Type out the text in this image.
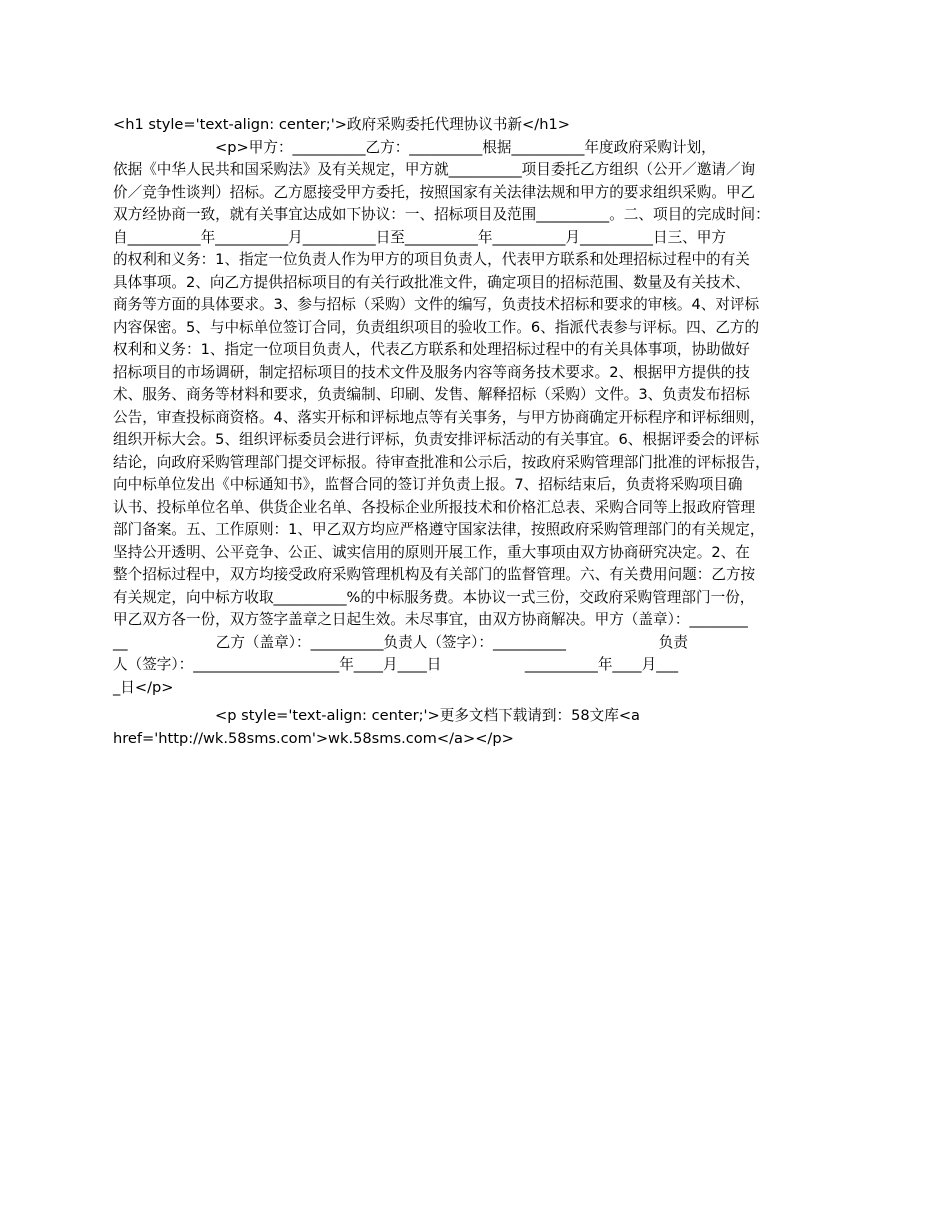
<h1 style='text-align: center;'>政府采购委托代理协议书新</h1>
<p>甲方：__________乙方：__________根据__________年度政府采购计划，
依据《中华人民共和国采购法》及有关规定，甲方就__________项目委托乙方组织（公开／邀请／询
价／竞争性谈判）招标。乙方愿接受甲方委托，按照国家有关法律法规和甲方的要求组织采购。甲乙
双方经协商一致，就有关事宜达成如下协议：一、招标项目及范围__________。二、项目的完成时间：
自__________年__________月__________日至__________年__________月__________日三、甲方
的权利和义务：1、指定一位负责人作为甲方的项目负责人，代表甲方联系和处理招标过程中的有关
具体事项。2、向乙方提供招标项目的有关行政批准文件，确定项目的招标范围、数量及有关技术、
商务等方面的具体要求。3、参与招标（采购）文件的编写，负责技术招标和要求的审核。4、对评标
内容保密。5、与中标单位签订合同，负责组织项目的验收工作。6、指派代表参与评标。四、乙方的
权利和义务：1、指定一位项目负责人，代表乙方联系和处理招标过程中的有关具体事项，协助做好
招标项目的市场调研，制定招标项目的技术文件及服务内容等商务技术要求。2、根据甲方提供的技
术、服务、商务等材料和要求，负责编制、印刷、发售、解释招标（采购）文件。3、负责发布招标
公告，审查投标商资格。4、落实开标和评标地点等有关事务，与甲方协商确定开标程序和评标细则，
组织开标大会。5、组织评标委员会进行评标，负责安排评标活动的有关事宜。6、根据评委会的评标
结论，向政府采购管理部门提交评标报。待审查批准和公示后，按政府采购管理部门批准的评标报告，
向中标单位发出《中标通知书》，监督合同的签订并负责上报。7、招标结束后，负责将采购项目确
认书、投标单位名单、供货企业名单、各投标企业所报技术和价格汇总表、采购合同等上报政府管理
部门备案。五、工作原则：1、甲乙双方均应严格遵守国家法律，按照政府采购管理部门的有关规定，
坚持公开透明、公平竞争、公正、诚实信用的原则开展工作，重大事项由双方协商研究决定。2、在
整个招标过程中，双方均接受政府采购管理机构及有关部门的监督管理。六、有关费用问题：乙方按
有关规定，向中标方收取__________%的中标服务费。本协议一式三份，交政府采购管理部门一份，
甲乙双方各一份，双方签字盖章之日起生效。未尽事宜，由双方协商解决。甲方（盖章）：________
__                   乙方（盖章）：__________负责人（签字）：__________                    负责
人（签字）：____________________年____月____日                  __________年____月___
_日</p>
<p style='text-align: center;'>更多文档下载请到：58文库<a
href='http://wk.58sms.com'>wk.58sms.com</a></p>
